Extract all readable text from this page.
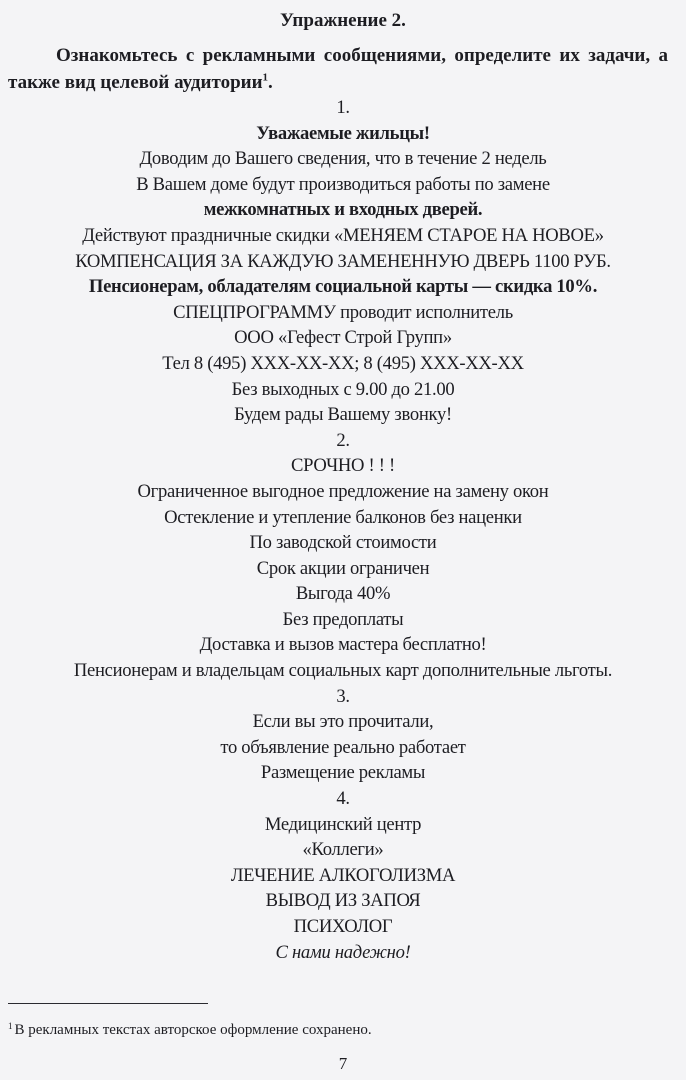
Упражнение 2.
Ознакомьтесь с рекламными сообщениями, определите их задачи, а также вид целевой аудитории$^1$.
1.
Уважаемые жильцы!
Доводим до Вашего сведения, что в течение 2 недель
В Вашем доме будут производиться работы по замене
межкомнатных и входных дверей.
Действуют праздничные скидки «МЕНЯЕМ СТАРОЕ НА НОВОЕ»
КОМПЕНСАЦИЯ ЗА КАЖДУЮ ЗАМЕНЕННУЮ ДВЕРЬ 1100 РУБ.
Пенсионерам, обладателям социальной карты — скидка 10%.
СПЕЦПРОГРАММУ проводит исполнитель
ООО «Гефест Строй Групп»
Тел 8 (495) XXX-XX-XX; 8 (495) XXX-XX-XX
Без выходных с 9.00 до 21.00
Будем рады Вашему звонку!
2.
СРОЧНО ! ! !
Ограниченное выгодное предложение на замену окон
Остекление и утепление балконов без наценки
По заводской стоимости
Срок акции ограничен
Выгода 40%
Без предоплаты
Доставка и вызов мастера бесплатно!
Пенсионерам и владельцам социальных карт дополнительные льготы.
3.
Если вы это прочитали,
то объявление реально работает
Размещение рекламы
4.
Медицинский центр
«Коллеги»
ЛЕЧЕНИЕ АЛКОГОЛИЗМА
ВЫВОД ИЗ ЗАПОЯ
ПСИХОЛОГ
С нами надежно!
$^1$ В рекламных текстах авторское оформление сохранено.
7
